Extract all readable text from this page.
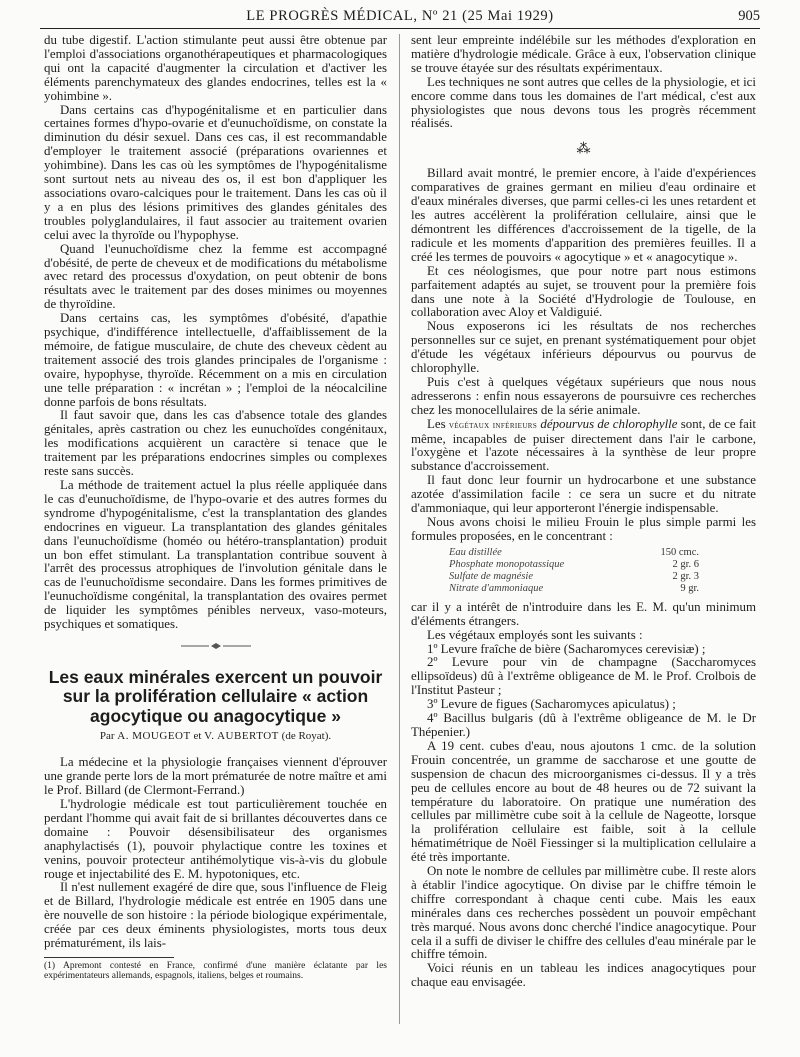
LE PROGRÈS MÉDICAL, Nº 21 (25 Mai 1929)	905

du tube digestif. L'action stimulante peut aussi être obtenue par l'emploi d'associations organothérapeutiques et pharmacologiques qui ont la capacité d'augmenter la circulation et d'activer les éléments parenchymateux des glandes endocrines, telles est la « yohimbine ».

Dans certains cas d'hypogénitalisme et en particulier dans certaines formes d'hypo-ovarie et d'eunuchoïdisme, on constate la diminution du désir sexuel. Dans ces cas, il est recommandable d'employer le traitement associé (préparations ovariennes et yohimbine). Dans les cas où les symptômes de l'hypogénitalisme sont surtout nets au niveau des os, il est bon d'appliquer les associations ovaro-calciques pour le traitement. Dans les cas où il y a en plus des lésions primitives des glandes génitales des troubles polyglandulaires, il faut associer au traitement ovarien celui avec la thyroïde ou l'hypophyse.

Quand l'eunuchoïdisme chez la femme est accompagné d'obésité, de perte de cheveux et de modifications du métabolisme avec retard des processus d'oxydation, on peut obtenir de bons résultats avec le traitement par des doses minimes ou moyennes de thyroïdine.

Dans certains cas, les symptômes d'obésité, d'apathie psychique, d'indifférence intellectuelle, d'affaiblissement de la mémoire, de fatigue musculaire, de chute des cheveux cèdent au traitement associé des trois glandes principales de l'organisme : ovaire, hypophyse, thyroïde. Récemment on a mis en circulation une telle préparation : « incrétan » ; l'emploi de la néocalciline donne parfois de bons résultats.

Il faut savoir que, dans les cas d'absence totale des glandes génitales, après castration ou chez les eunuchoïdes congénitaux, les modifications acquièrent un caractère si tenace que le traitement par les préparations endocrines simples ou complexes reste sans succès.

La méthode de traitement actuel la plus réelle appliquée dans le cas d'eunuchoïdisme, de l'hypo-ovarie et des autres formes du syndrome d'hypogénitalisme, c'est la transplantation des glandes endocrines en vigueur. La transplantation des glandes génitales dans l'eunuchoïdisme (homéo ou hétéro-transplantation) produit un bon effet stimulant. La transplantation contribue souvent à l'arrêt des processus atrophiques de l'involution génitale dans le cas de l'eunuchoïdisme secondaire. Dans les formes primitives de l'eunuchoïdisme congénital, la transplantation des ovaires permet de liquider les symptômes pénibles nerveux, vaso-moteurs, psychiques et somatiques.

Les eaux minérales exercent un pouvoir sur la prolifération cellulaire « action agocytique ou anagocytique »
Par A. MOUGEOT et V. AUBERTOT (de Royat).

La médecine et la physiologie françaises viennent d'éprouver une grande perte lors de la mort prématurée de notre maître et ami le Prof. Billard (de Clermont-Ferrand.)

L'hydrologie médicale est tout particulièrement touchée en perdant l'homme qui avait fait de si brillantes découvertes dans ce domaine : Pouvoir désensibilisateur des organismes anaphylactisés (1), pouvoir phylactique contre les toxines et venins, pouvoir protecteur antihémolytique vis-à-vis du globule rouge et injectabilité des E. M. hypotoniques, etc.

Il n'est nullement exagéré de dire que, sous l'influence de Fleig et de Billard, l'hydrologie médicale est entrée en 1905 dans une ère nouvelle de son histoire : la période biologique expérimentale, créée par ces deux éminents physiologistes, morts tous deux prématurément, ils lais-

(1) Apremont contesté en France, confirmé d'une manière éclatante par les expérimentateurs allemands, espagnols, italiens, belges et roumains.

sent leur empreinte indélébile sur les méthodes d'exploration en matière d'hydrologie médicale. Grâce à eux, l'observation clinique se trouve étayée sur des résultats expérimentaux.

Les techniques ne sont autres que celles de la physiologie, et ici encore comme dans tous les domaines de l'art médical, c'est aux physiologistes que nous devons tous les progrès récemment réalisés.

⁂

Billard avait montré, le premier encore, à l'aide d'expériences comparatives de graines germant en milieu d'eau ordinaire et d'eaux minérales diverses, que parmi celles-ci les unes retardent et les autres accélèrent la prolifération cellulaire, ainsi que le démontrent les différences d'accroissement de la tigelle, de la radicule et les moments d'apparition des premières feuilles. Il a créé les termes de pouvoirs « agocytique » et « anagocytique ».

Et ces néologismes, que pour notre part nous estimons parfaitement adaptés au sujet, se trouvent pour la première fois dans une note à la Société d'Hydrologie de Toulouse, en collaboration avec Aloy et Valdiguié.

Nous exposerons ici les résultats de nos recherches personnelles sur ce sujet, en prenant systématiquement pour objet d'étude les végétaux inférieurs dépourvus ou pourvus de chlorophylle.

Puis c'est à quelques végétaux supérieurs que nous nous adresserons : enfin nous essayerons de poursuivre ces recherches chez les monocellulaires de la série animale.

Les végétaux inférieurs dépourvus de chlorophylle sont, de ce fait même, incapables de puiser directement dans l'air le carbone, l'oxygène et l'azote nécessaires à la synthèse de leur propre substance d'accroissement.

Il faut donc leur fournir un hydrocarbone et une substance azotée d'assimilation facile : ce sera un sucre et du nitrate d'ammoniaque, qui leur apporteront l'énergie indispensable.

Nous avons choisi le milieu Frouin le plus simple parmi les formules proposées, en le concentrant :

Eau distillée	150 cmc.
Phosphate monopotassique	2 gr. 6
Sulfate de magnésie	2 gr. 3
Nitrate d'ammoniaque	9 gr.

car il y a intérêt de n'introduire dans les E. M. qu'un minimum d'éléments étrangers.

Les végétaux employés sont les suivants :

1º Levure fraîche de bière (Sacharomyces cerevisiæ) ;

2º Levure pour vin de champagne (Saccharomyces ellipsoïdeus) dû à l'extrême obligeance de M. le Prof. Crolbois de l'Institut Pasteur ;

3º Levure de figues (Sacharomyces apiculatus) ;

4º Bacillus bulgaris (dû à l'extrême obligeance de M. le Dr Thépenier.)

A 19 cent. cubes d'eau, nous ajoutons 1 cmc. de la solution Frouin concentrée, un gramme de saccharose et une goutte de suspension de chacun des microorganismes ci-dessus. Il y a très peu de cellules encore au bout de 48 heures ou de 72 suivant la température du laboratoire. On pratique une numération des cellules par millimètre cube soit à la cellule de Nageotte, lorsque la prolifération cellulaire est faible, soit à la cellule hématimétrique de Noël Fiessinger si la multiplication cellulaire a été très importante.

On note le nombre de cellules par millimètre cube. Il reste alors à établir l'indice agocytique. On divise par le chiffre témoin le chiffre correspondant à chaque centi cube. Mais les eaux minérales dans ces recherches possèdent un pouvoir empêchant très marqué. Nous avons donc cherché l'indice anagocytique. Pour cela il a suffi de diviser le chiffre des cellules d'eau minérale par le chiffre témoin.

Voici réunis en un tableau les indices anagocytiques pour chaque eau envisagée.
